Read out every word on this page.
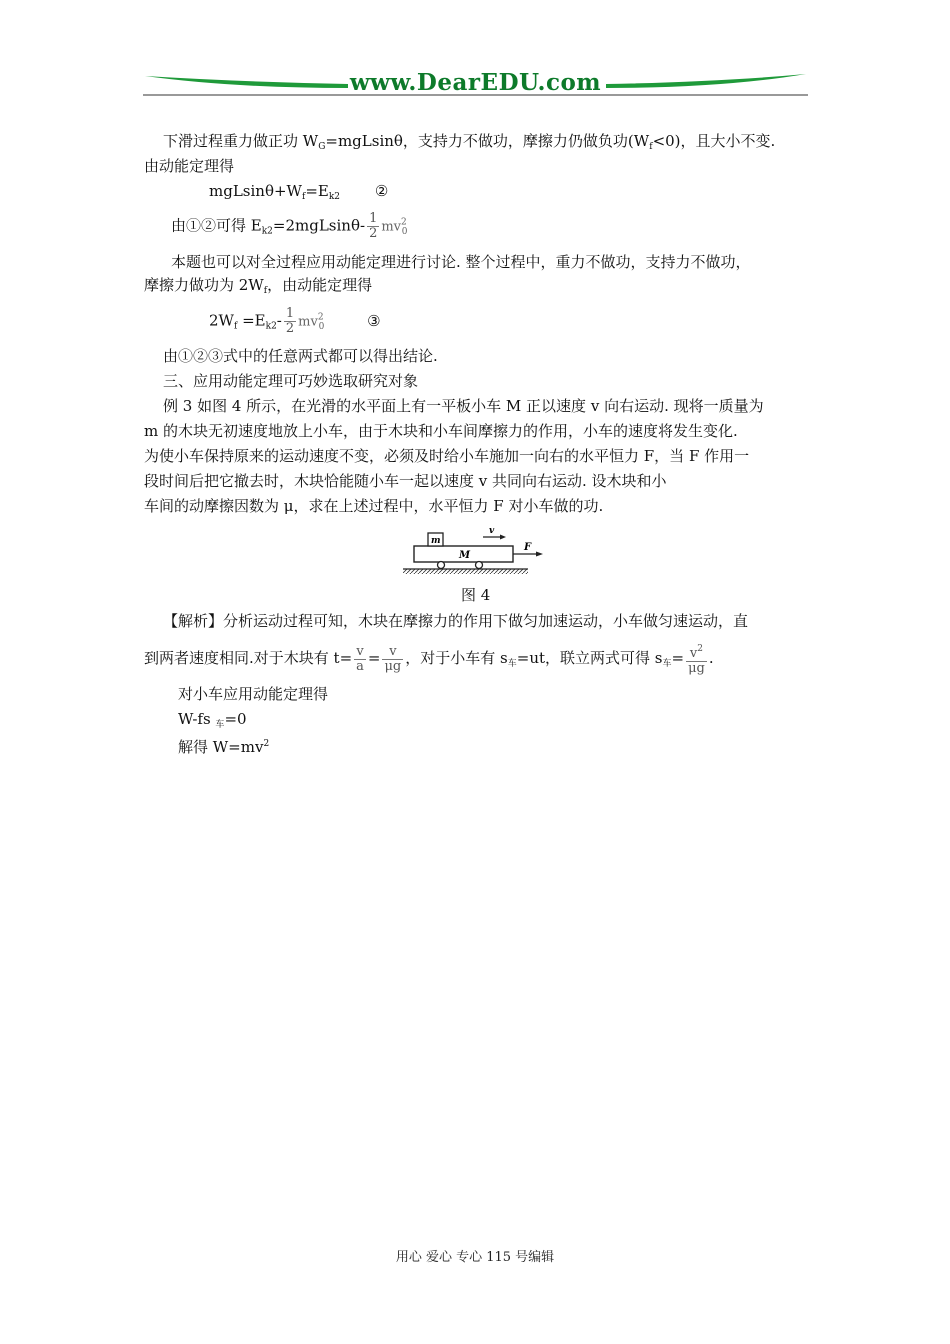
www.DearEDU.com
下滑过程重力做正功 $W_G=mgLsin\theta$，支持力不做功，摩擦力仍做负功$(W_f<0)$，且大小不变.
由动能定理得
$mgLsin\theta+W_f=E_{k2}$ ②
由①②可得 $E_{k2}=2mgLsin\theta- \frac{1}{2} mv^2_0$
本题也可以对全过程应用动能定理进行讨论. 整个过程中，重力不做功，支持力不做功，
摩擦力做功为 $2W_f$，由动能定理得
$2W_f =E_{k2}- \frac{1}{2} mv^2_0$	③
由①②③式中的任意两式都可以得出结论.
三、应用动能定理可巧妙选取研究对象
例 3 如图 4 所示，在光滑的水平面上有一平板小车 M 正以速度 v 向右运动. 现将一质量为
m 的木块无初速度地放上小车，由于木块和小车间摩擦力的作用，小车的速度将发生变化.
为使小车保持原来的运动速度不变，必须及时给小车施加一向右的水平恒力 F，当 F 作用一
段时间后把它撤去时，木块恰能随小车一起以速度 v 共同向右运动. 设木块和小
车间的动摩擦因数为 μ，求在上述过程中，水平恒力 F 对小车做的功.
m
M
v
F
图 4
【解析】分析运动过程可知，木块在摩擦力的作用下做匀加速运动，小车做匀速运动，直
到两者速度相同.对于木块有 $t= \frac{v}{a} = \frac{v}{\mu g}$ ，对于小车有 $s_车=ut$，联立两式可得 $s_车= \frac{v^2}{\mu g}$ .
对小车应用动能定理得
W-fs $_车$=0
解得 $W=mv^2$
用心 爱心 专心 115 号编辑
